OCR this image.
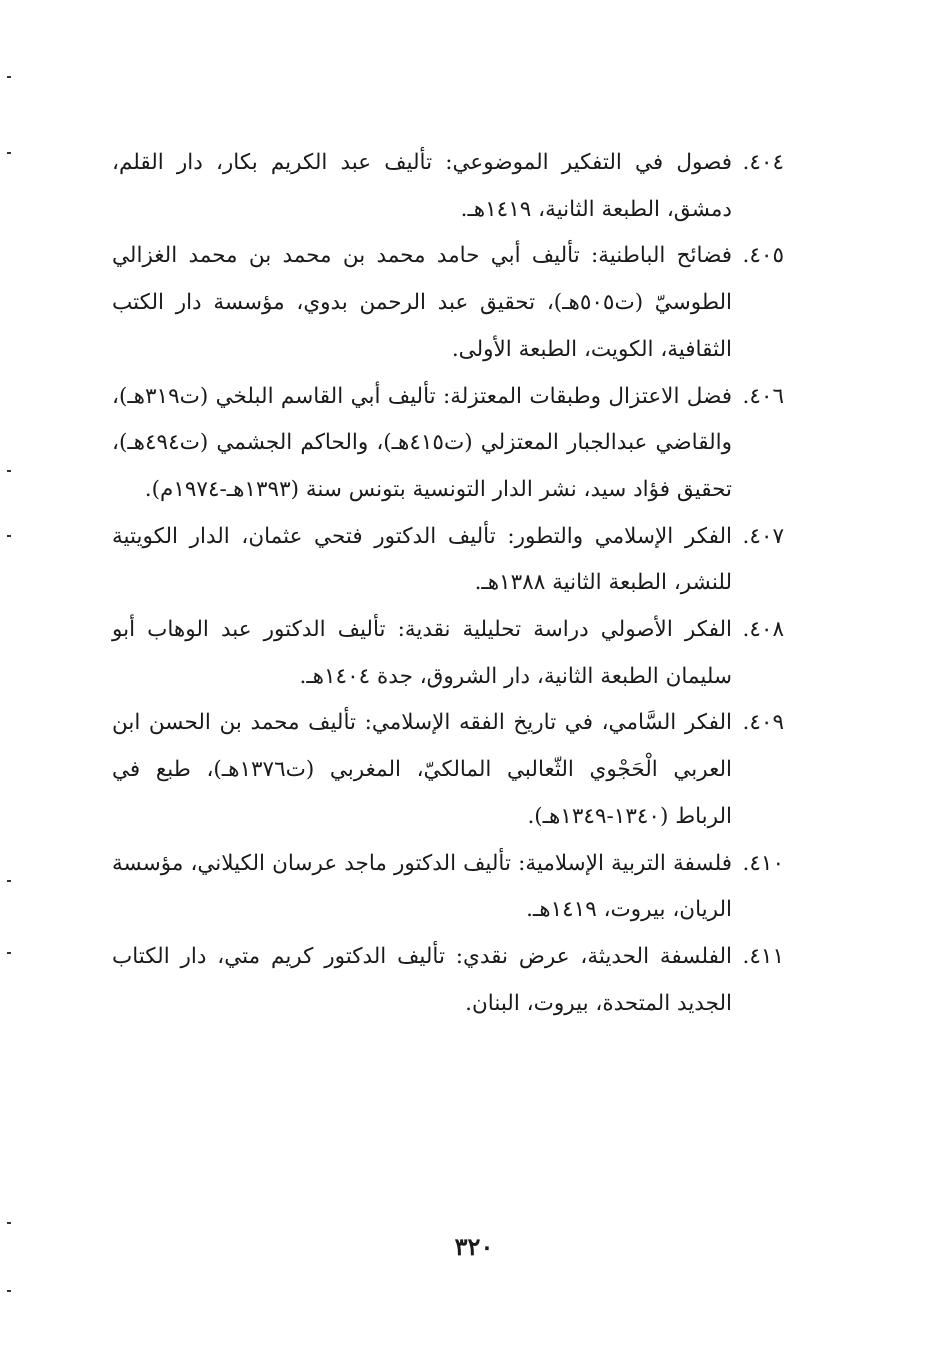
٤٠٤.
فصول في التفكير الموضوعي: تأليف عبد الكريم بكار، دار القلم، دمشق، الطبعة الثانية، ١٤١٩هـ.
٤٠٥.
فضائح الباطنية: تأليف أبي حامد محمد بن محمد بن محمد الغزالي الطوسيّ (ت٥٠٥هـ)، تحقيق عبد الرحمن بدوي، مؤسسة دار الكتب الثقافية، الكويت، الطبعة الأولى.
٤٠٦.
فضل الاعتزال وطبقات المعتزلة: تأليف أبي القاسم البلخي (ت٣١٩هـ)، والقاضي عبدالجبار المعتزلي (ت٤١٥هـ)، والحاكم الجشمي (ت٤٩٤هـ)، تحقيق فؤاد سيد، نشر الدار التونسية بتونس سنة (١٣٩٣هـ-١٩٧٤م).
٤٠٧.
الفكر الإسلامي والتطور: تأليف الدكتور فتحي عثمان، الدار الكويتية للنشر، الطبعة الثانية ١٣٨٨هـ.
٤٠٨.
الفكر الأصولي دراسة تحليلية نقدية: تأليف الدكتور عبد الوهاب أبو سليمان الطبعة الثانية، دار الشروق، جدة ١٤٠٤هـ.
٤٠٩.
الفكر السَّامي، في تاريخ الفقه الإسلامي: تأليف محمد بن الحسن ابن العربي الْحَجْوي الثّعالبي المالكيّ، المغربي (ت١٣٧٦هـ)، طبع في الرباط (١٣٤٠-١٣٤٩هـ).
٤١٠.
فلسفة التربية الإسلامية: تأليف الدكتور ماجد عرسان الكيلاني، مؤسسة الريان، بيروت، ١٤١٩هـ.
٤١١.
الفلسفة الحديثة، عرض نقدي: تأليف الدكتور كريم متي، دار الكتاب الجديد المتحدة، بيروت، البنان.
٣٢٠
